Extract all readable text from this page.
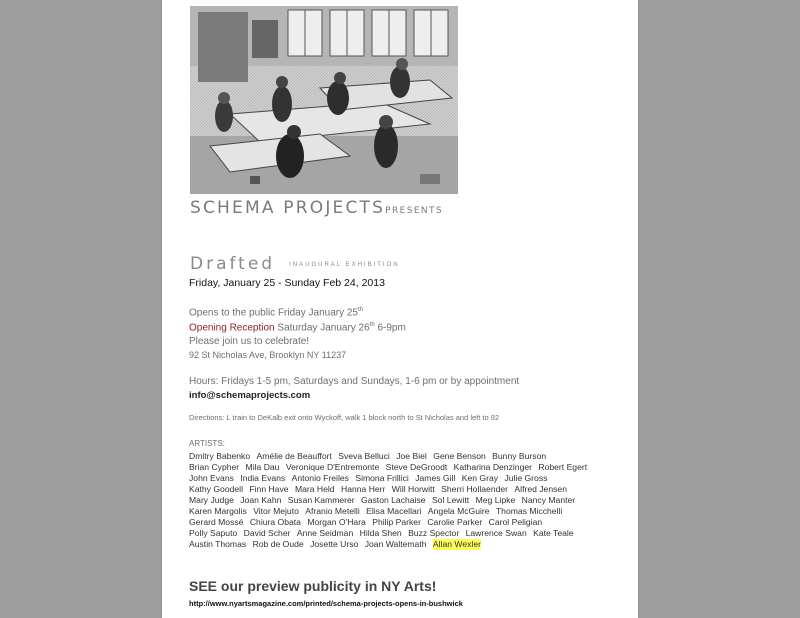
SCHEMA PROJECTSPRESENTS
Drafted INAUGURAL EXHIBITION
Friday, January 25 - Sunday Feb 24, 2013
Opens to the public Friday January 25th
Opening Reception Saturday January 26th 6-9pm
Please join us to celebrate!
92 St Nicholas Ave, Brooklyn NY 11237
Hours: Fridays 1-5 pm, Saturdays and Sundays, 1-6 pm or by appointment
info@schemaprojects.com
Directions: L train to DeKalb exit onto Wyckoff, walk 1 block north to St Nicholas and left to 92
ARTISTS:
Dmitry Babenko Amélie de Beauffort Sveva Belluci Joe Biel Gene Benson Bunny Burson Brian Cypher Mila Dau Veronique D'Entremonte Steve DeGroodt Katharina Denzinger Robert Egert John Evans India Evans Antonio Freiles Simona Frillici James Gill Ken Gray Julie Gross Kathy Goodell Finn Have Mara Held Hanna Herr Will Horwitt Sherri Hollaender Alfred Jensen Mary Judge Joan Kahn Susan Kammerer Gaston Lachaise Sol Lewitt Meg Lipke Nancy Manter Karen Margolis Vitor Mejuto Afranio Metelli Elisa Macellari Angela McGuire Thomas Micchelli Gerard Mossé Chiura Obata Morgan O'Hara Philip Parker Carolie Parker Carol Peligian Polly Saputo David Scher Anne Seidman Hilda Shen Buzz Spector Lawrence Swan Kate Teale Austin Thomas Rob de Oude Josette Urso Joan Waltemath Allan Wexler
SEE our preview publicity in NY Arts!
http://www.nyartsmagazine.com/printed/schema-projects-opens-in-bushwick
